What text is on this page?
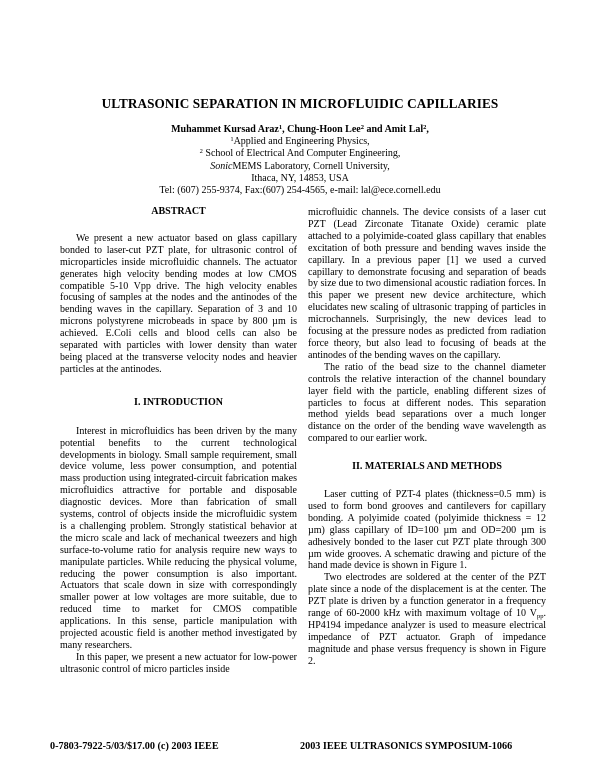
ULTRASONIC SEPARATION IN MICROFLUIDIC CAPILLARIES
Muhammet Kursad Araz$^1$, Chung-Hoon Lee$^2$ and Amit Lal$^2$,
$^1$Applied and Engineering Physics,
$^2$ School of Electrical And Computer Engineering,
SonicMEMS Laboratory, Cornell University,
Ithaca, NY, 14853, USA
Tel: (607) 255-9374, Fax:(607) 254-4565, e-mail: lal@ece.cornell.edu
ABSTRACT

We present a new actuator based on glass capillary bonded to laser-cut PZT plate, for ultrasonic control of microparticles inside microfluidic channels. The actuator generates high velocity bending modes at low CMOS compatible 5-10 Vpp drive. The high velocity enables focusing of samples at the nodes and the antinodes of the bending waves in the capillary. Separation of 3 and 10 microns polystyrene microbeads in space by 800 µm is achieved. E.Coli cells and blood cells can also be separated with particles with lower density than water being placed at the transverse velocity nodes and heavier particles at the antinodes.

I. INTRODUCTION

Interest in microfluidics has been driven by the many potential benefits to the current technological developments in biology. Small sample requirement, small device volume, less power consumption, and potential mass production using integrated-circuit fabrication makes microfluidics attractive for portable and disposable diagnostic devices. More than fabrication of small systems, control of objects inside the microfluidic system is a challenging problem. Strongly statistical behavior at the micro scale and lack of mechanical tweezers and high surface-to-volume ratio for analysis require new ways to manipulate particles. While reducing the physical volume, reducing the power consumption is also important. Actuators that scale down in size with correspondingly smaller power at low voltages are more suitable, due to reduced time to market for CMOS compatible applications. In this sense, particle manipulation with projected acoustic field is another method investigated by many researchers.

In this paper, we present a new actuator for low-power ultrasonic control of micro particles inside

microfluidic channels. The device consists of a laser cut PZT (Lead Zirconate Titanate Oxide) ceramic plate attached to a polyimide-coated glass capillary that enables excitation of both pressure and bending waves inside the capillary. In a previous paper [1] we used a curved capillary to demonstrate focusing and separation of beads by size due to two dimensional acoustic radiation forces. In this paper we present new device architecture, which elucidates new scaling of ultrasonic trapping of particles in microchannels. Surprisingly, the new devices lead to focusing at the pressure nodes as predicted from radiation force theory, but also lead to focusing of beads at the antinodes of the bending waves on the capillary.

The ratio of the bead size to the channel diameter controls the relative interaction of the channel boundary layer field with the particle, enabling different sizes of particles to focus at different nodes. This separation method yields bead separations over a much longer distance on the order of the bending wave wavelength as compared to our earlier work.

II. MATERIALS AND METHODS

Laser cutting of PZT-4 plates (thickness=0.5 mm) is used to form bond grooves and cantilevers for capillary bonding. A polyimide coated (polyimide thickness = 12 µm) glass capillary of ID=100 µm and OD=200 µm is adhesively bonded to the laser cut PZT plate through 300 µm wide grooves. A schematic drawing and picture of the hand made device is shown in Figure 1.

Two electrodes are soldered at the center of the PZT plate since a node of the displacement is at the center. The PZT plate is driven by a function generator in a frequency range of 60-2000 kHz with maximum voltage of 10 $V_{pp}$. HP4194 impedance analyzer is used to measure electrical impedance of PZT actuator. Graph of impedance magnitude and phase versus frequency is shown in Figure 2.

0-7803-7922-5/03/$17.00 (c) 2003 IEEE	2003 IEEE ULTRASONICS SYMPOSIUM-1066
